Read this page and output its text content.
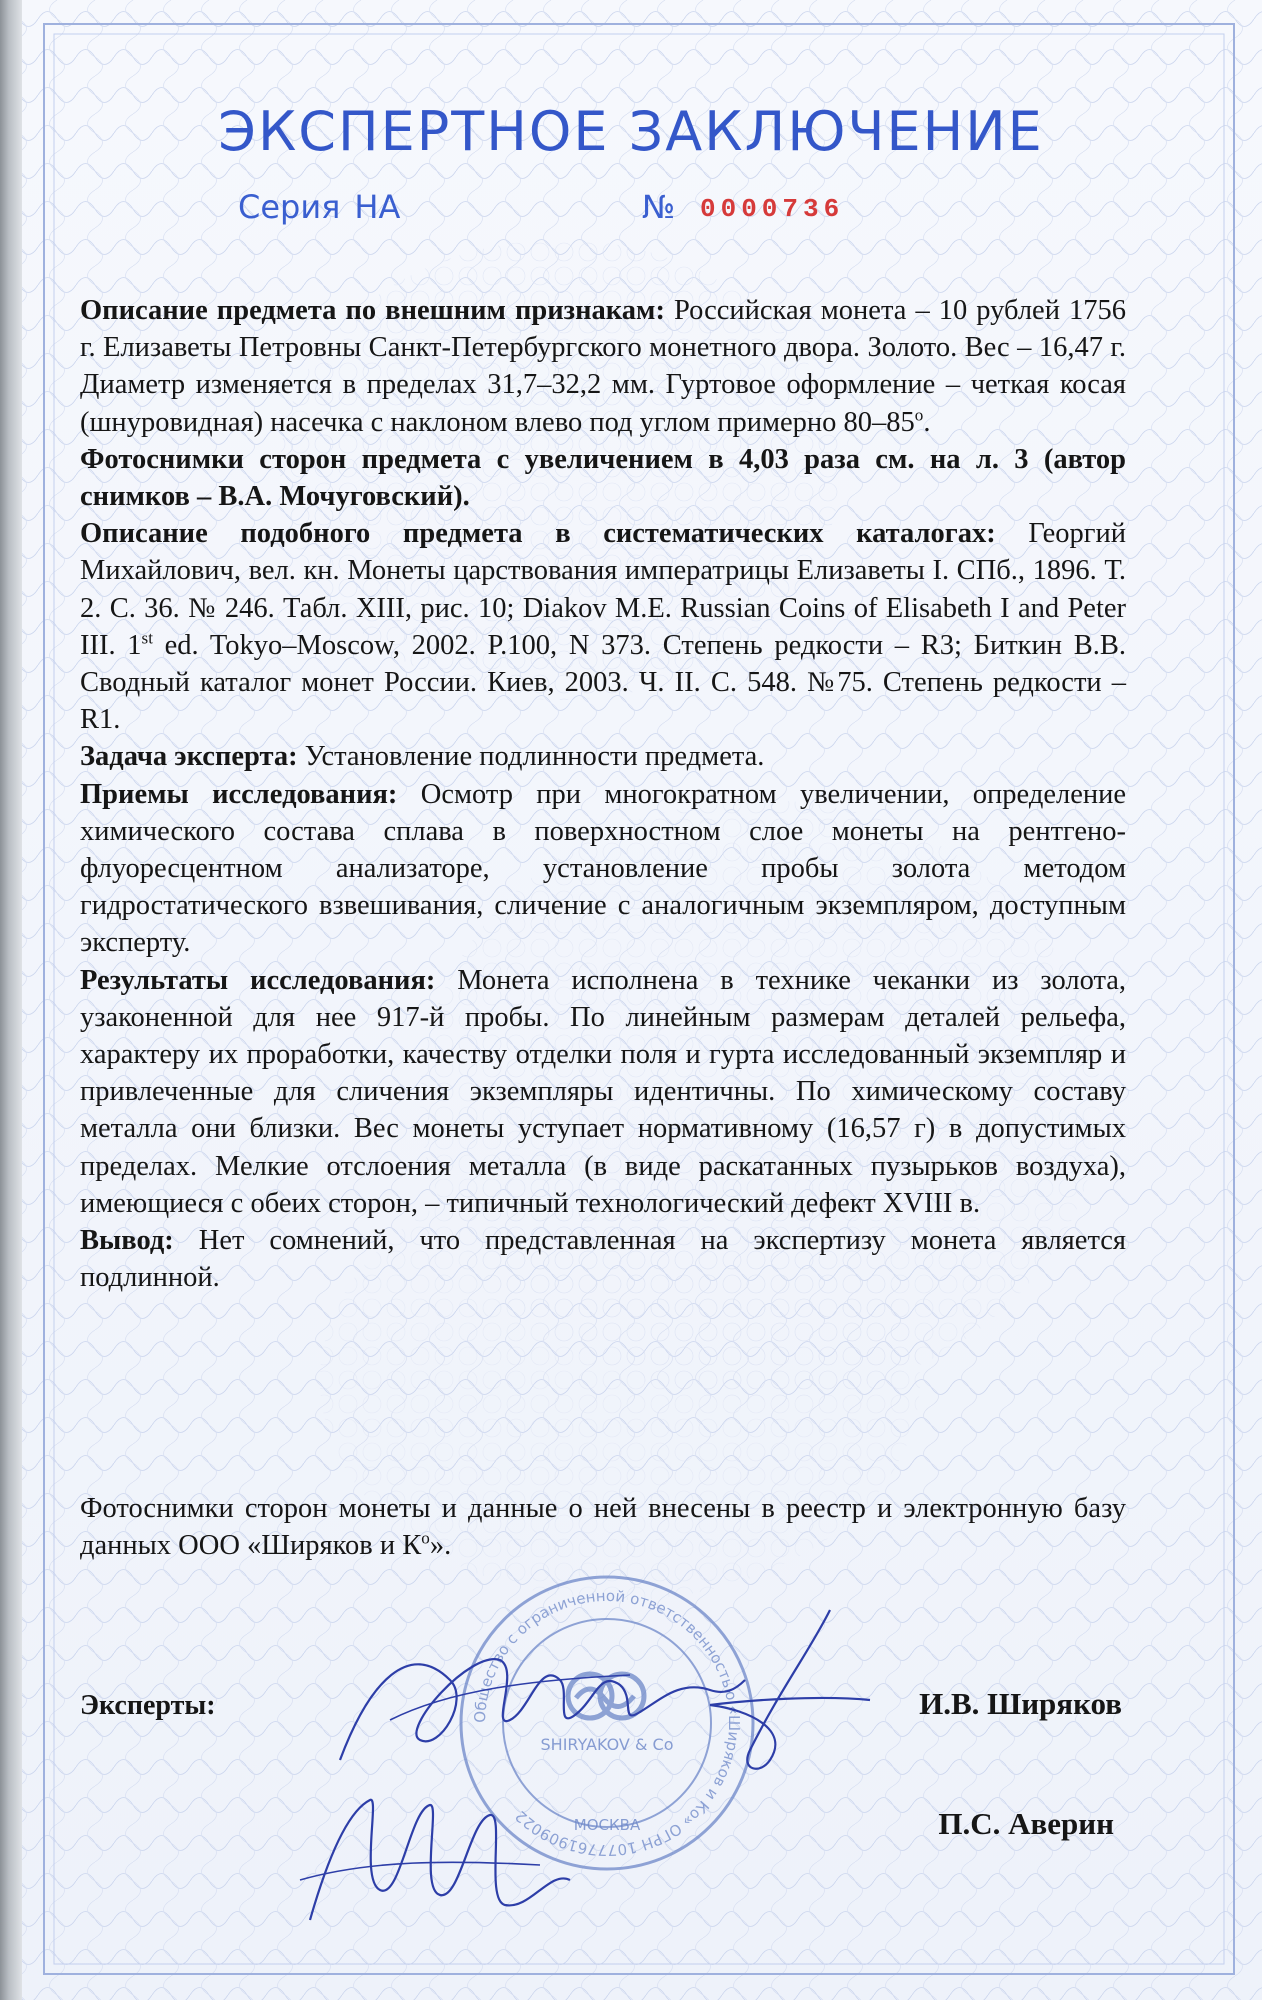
ЭКСПЕРТНОЕ ЗАКЛЮЧЕНИЕ
Серия НА	№ 0000736

Описание предмета по внешним признакам: Российская монета – 10 рублей 1756 г. Елизаветы Петровны Санкт-Петербургского монетного двора. Золото. Вес – 16,47 г. Диаметр изменяется в пределах 31,7–32,2 мм. Гуртовое оформление – четкая косая (шнуровидная) насечка с наклоном влево под углом примерно 80–85$^o$.

Фотоснимки сторон предмета с увеличением в 4,03 раза см. на л. 3 (автор снимков – В.А. Мочуговский).

Описание подобного предмета в систематических каталогах: Георгий Михайлович, вел. кн. Монеты царствования императрицы Елизаветы I. СПб., 1896. Т. 2. С. 36. № 246. Табл. XIII, рис. 10; Diakov M.E. Russian Coins of Elisabeth I and Peter III. 1st ed. Tokyo–Moscow, 2002. P.100, N 373. Степень редкости – R3; Биткин В.В. Сводный каталог монет России. Киев, 2003. Ч. II. С. 548. №75. Степень редкости – R1.

Задача эксперта: Установление подлинности предмета.

Приемы исследования: Осмотр при многократном увеличении, определение химического состава сплава в поверхностном слое монеты на рентгено-флуоресцентном анализаторе, установление пробы золота методом гидростатического взвешивания, сличение с аналогичным экземпляром, доступным эксперту.

Результаты исследования: Монета исполнена в технике чеканки из золота, узаконенной для нее 917-й пробы. По линейным размерам деталей рельефа, характеру их проработки, качеству отделки поля и гурта исследованный экземпляр и привлеченные для сличения экземпляры идентичны. По химическому составу металла они близки. Вес монеты уступает нормативному (16,57 г) в допустимых пределах. Мелкие отслоения металла (в виде раскатанных пузырьков воздуха), имеющиеся с обеих сторон, – типичный технологический дефект XVIII в.

Вывод: Нет сомнений, что представленная на экспертизу монета является подлинной.

Фотоснимки сторон монеты и данные о ней внесены в реестр и электронную базу данных ООО «Ширяков и $К^о$».

Общество с ограниченной ответственностью «Ширяков и Ко» ОГРН 1077761909022
SHIRYAKOV & Co
МОСКВА
Эксперты:	И.В. Ширяков
П.С. Аверин
